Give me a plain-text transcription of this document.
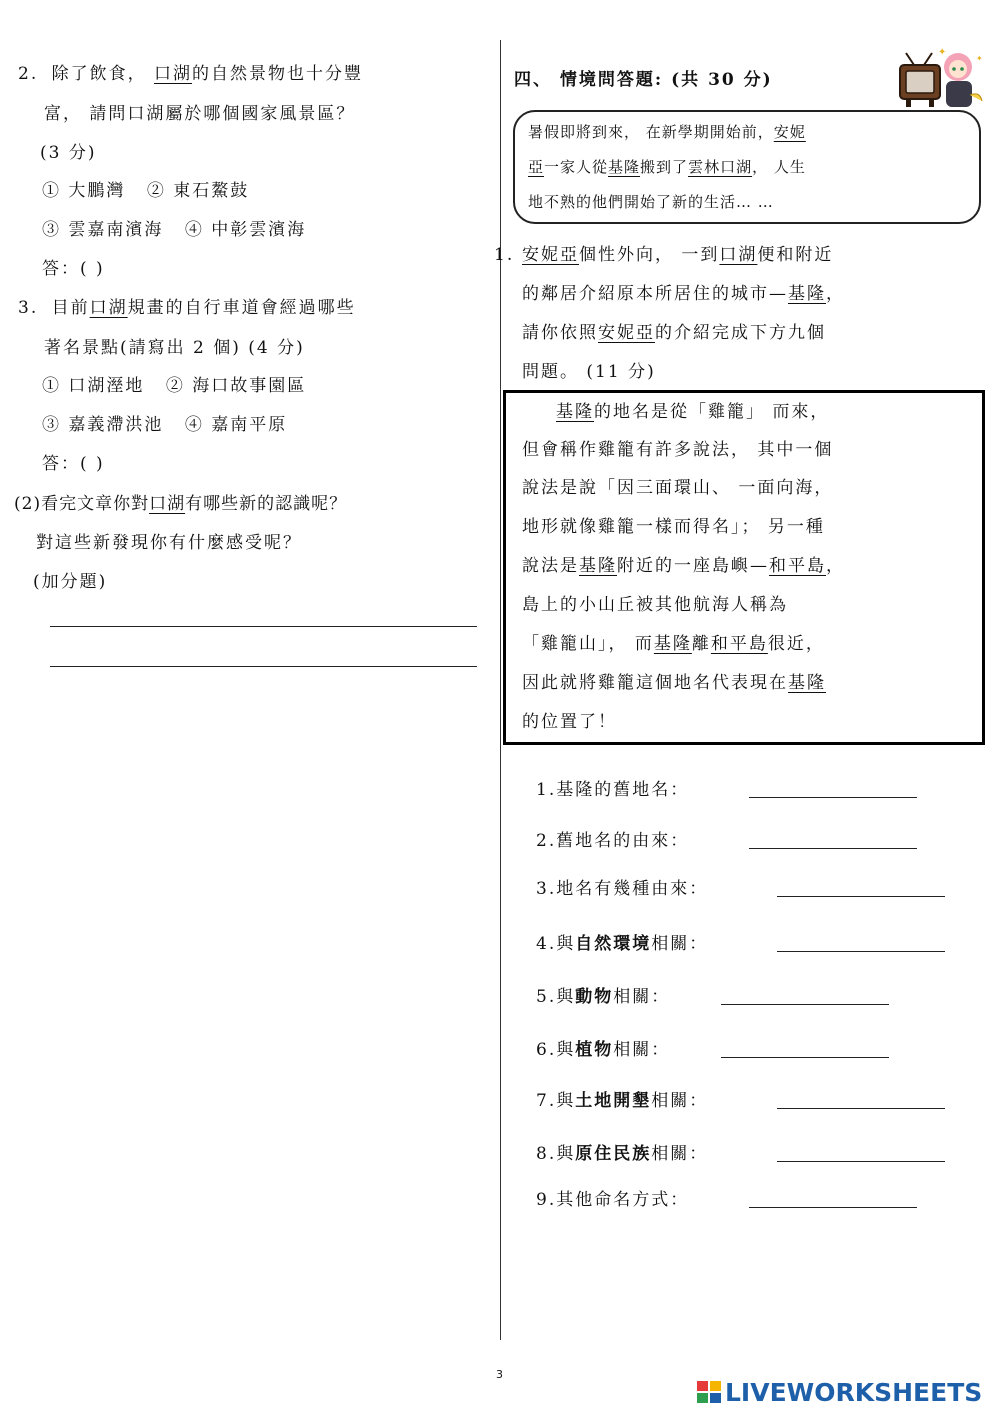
2. 除了飲食， 口湖的自然景物也十分豐
富， 請問口湖屬於哪個國家風景區？
(3 分)
① 大鵬灣 ② 東石鰲鼓
③ 雲嘉南濱海 ④ 中彰雲濱海
答：( )
3. 目前口湖規畫的自行車道會經過哪些
著名景點(請寫出 2 個) (4 分)
① 口湖溼地 ② 海口故事園區
③ 嘉義滯洪池 ④ 嘉南平原
答：( )
(2)看完文章你對口湖有哪些新的認識呢？
對這些新發現你有什麼感受呢？
(加分題)
四、 情境問答題: (共 30 分)
✦
✦
暑假即將到來， 在新學期開始前，安妮
亞一家人從基隆搬到了雲林口湖， 人生
地不熟的他們開始了新的生活… …
1. 安妮亞個性外向， 一到口湖便和附近
的鄰居介紹原本所居住的城市—基隆，
請你依照安妮亞的介紹完成下方九個
問題。 (11 分)
基隆的地名是從「雞籠」 而來，
但會稱作雞籠有許多說法， 其中一個
說法是說「因三面環山、 一面向海，
地形就像雞籠一樣而得名」； 另一種
說法是基隆附近的一座島嶼—和平島，
島上的小山丘被其他航海人稱為
「雞籠山」， 而基隆離和平島很近，
因此就將雞籠這個地名代表現在基隆
的位置了！
1.基隆的舊地名：
2.舊地名的由來：
3.地名有幾種由來：
4.與自然環境相關：
5.與動物相關：
6.與植物相關：
7.與土地開墾相關：
8.與原住民族相關：
9.其他命名方式：
3
LIVEWORKSHEETS
